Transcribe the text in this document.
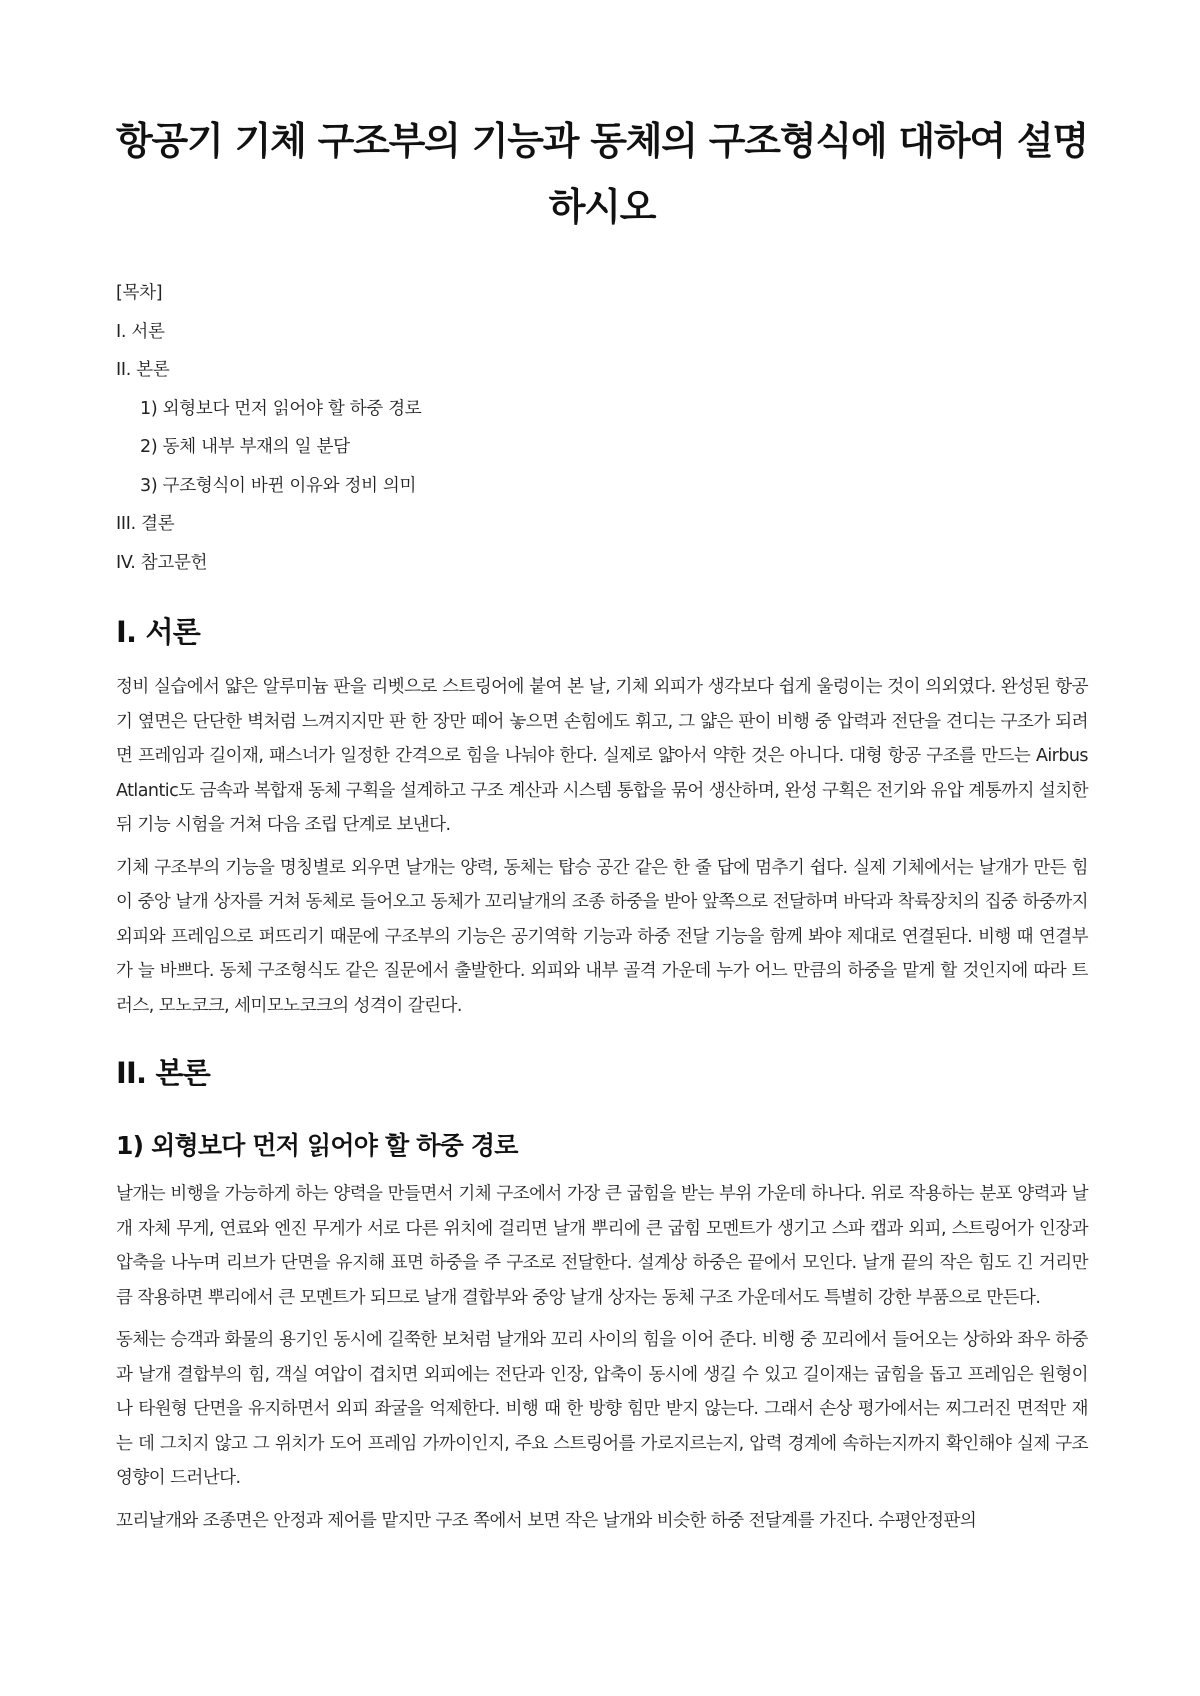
항공기 기체 구조부의 기능과 동체의 구조형식에 대하여 설명하시오
[목차]
I. 서론
II. 본론
1) 외형보다 먼저 읽어야 할 하중 경로
2) 동체 내부 부재의 일 분담
3) 구조형식이 바뀐 이유와 정비 의미
III. 결론
IV. 참고문헌
I. 서론

정비 실습에서 얇은 알루미늄 판을 리벳으로 스트링어에 붙여 본 날, 기체 외피가 생각보다 쉽게 울렁이는 것이 의외였다. 완성된 항공기 옆면은 단단한 벽처럼 느껴지지만 판 한 장만 떼어 놓으면 손힘에도 휘고, 그 얇은 판이 비행 중 압력과 전단을 견디는 구조가 되려면 프레임과 길이재, 패스너가 일정한 간격으로 힘을 나눠야 한다. 실제로 얇아서 약한 것은 아니다. 대형 항공 구조를 만드는 Airbus Atlantic도 금속과 복합재 동체 구획을 설계하고 구조 계산과 시스템 통합을 묶어 생산하며, 완성 구획은 전기와 유압 계통까지 설치한 뒤 기능 시험을 거쳐 다음 조립 단계로 보낸다.

기체 구조부의 기능을 명칭별로 외우면 날개는 양력, 동체는 탑승 공간 같은 한 줄 답에 멈추기 쉽다. 실제 기체에서는 날개가 만든 힘이 중앙 날개 상자를 거쳐 동체로 들어오고 동체가 꼬리날개의 조종 하중을 받아 앞쪽으로 전달하며 바닥과 착륙장치의 집중 하중까지 외피와 프레임으로 퍼뜨리기 때문에 구조부의 기능은 공기역학 기능과 하중 전달 기능을 함께 봐야 제대로 연결된다. 비행 때 연결부가 늘 바쁘다. 동체 구조형식도 같은 질문에서 출발한다. 외피와 내부 골격 가운데 누가 어느 만큼의 하중을 맡게 할 것인지에 따라 트러스, 모노코크, 세미모노코크의 성격이 갈린다.

II. 본론
1) 외형보다 먼저 읽어야 할 하중 경로

날개는 비행을 가능하게 하는 양력을 만들면서 기체 구조에서 가장 큰 굽힘을 받는 부위 가운데 하나다. 위로 작용하는 분포 양력과 날개 자체 무게, 연료와 엔진 무게가 서로 다른 위치에 걸리면 날개 뿌리에 큰 굽힘 모멘트가 생기고 스파 캡과 외피, 스트링어가 인장과 압축을 나누며 리브가 단면을 유지해 표면 하중을 주 구조로 전달한다. 설계상 하중은 끝에서 모인다. 날개 끝의 작은 힘도 긴 거리만큼 작용하면 뿌리에서 큰 모멘트가 되므로 날개 결합부와 중앙 날개 상자는 동체 구조 가운데서도 특별히 강한 부품으로 만든다.

동체는 승객과 화물의 용기인 동시에 길쭉한 보처럼 날개와 꼬리 사이의 힘을 이어 준다. 비행 중 꼬리에서 들어오는 상하와 좌우 하중과 날개 결합부의 힘, 객실 여압이 겹치면 외피에는 전단과 인장, 압축이 동시에 생길 수 있고 길이재는 굽힘을 돕고 프레임은 원형이나 타원형 단면을 유지하면서 외피 좌굴을 억제한다. 비행 때 한 방향 힘만 받지 않는다. 그래서 손상 평가에서는 찌그러진 면적만 재는 데 그치지 않고 그 위치가 도어 프레임 가까이인지, 주요 스트링어를 가로지르는지, 압력 경계에 속하는지까지 확인해야 실제 구조 영향이 드러난다.

꼬리날개와 조종면은 안정과 제어를 맡지만 구조 쪽에서 보면 작은 날개와 비슷한 하중 전달계를 가진다. 수평안정판의
